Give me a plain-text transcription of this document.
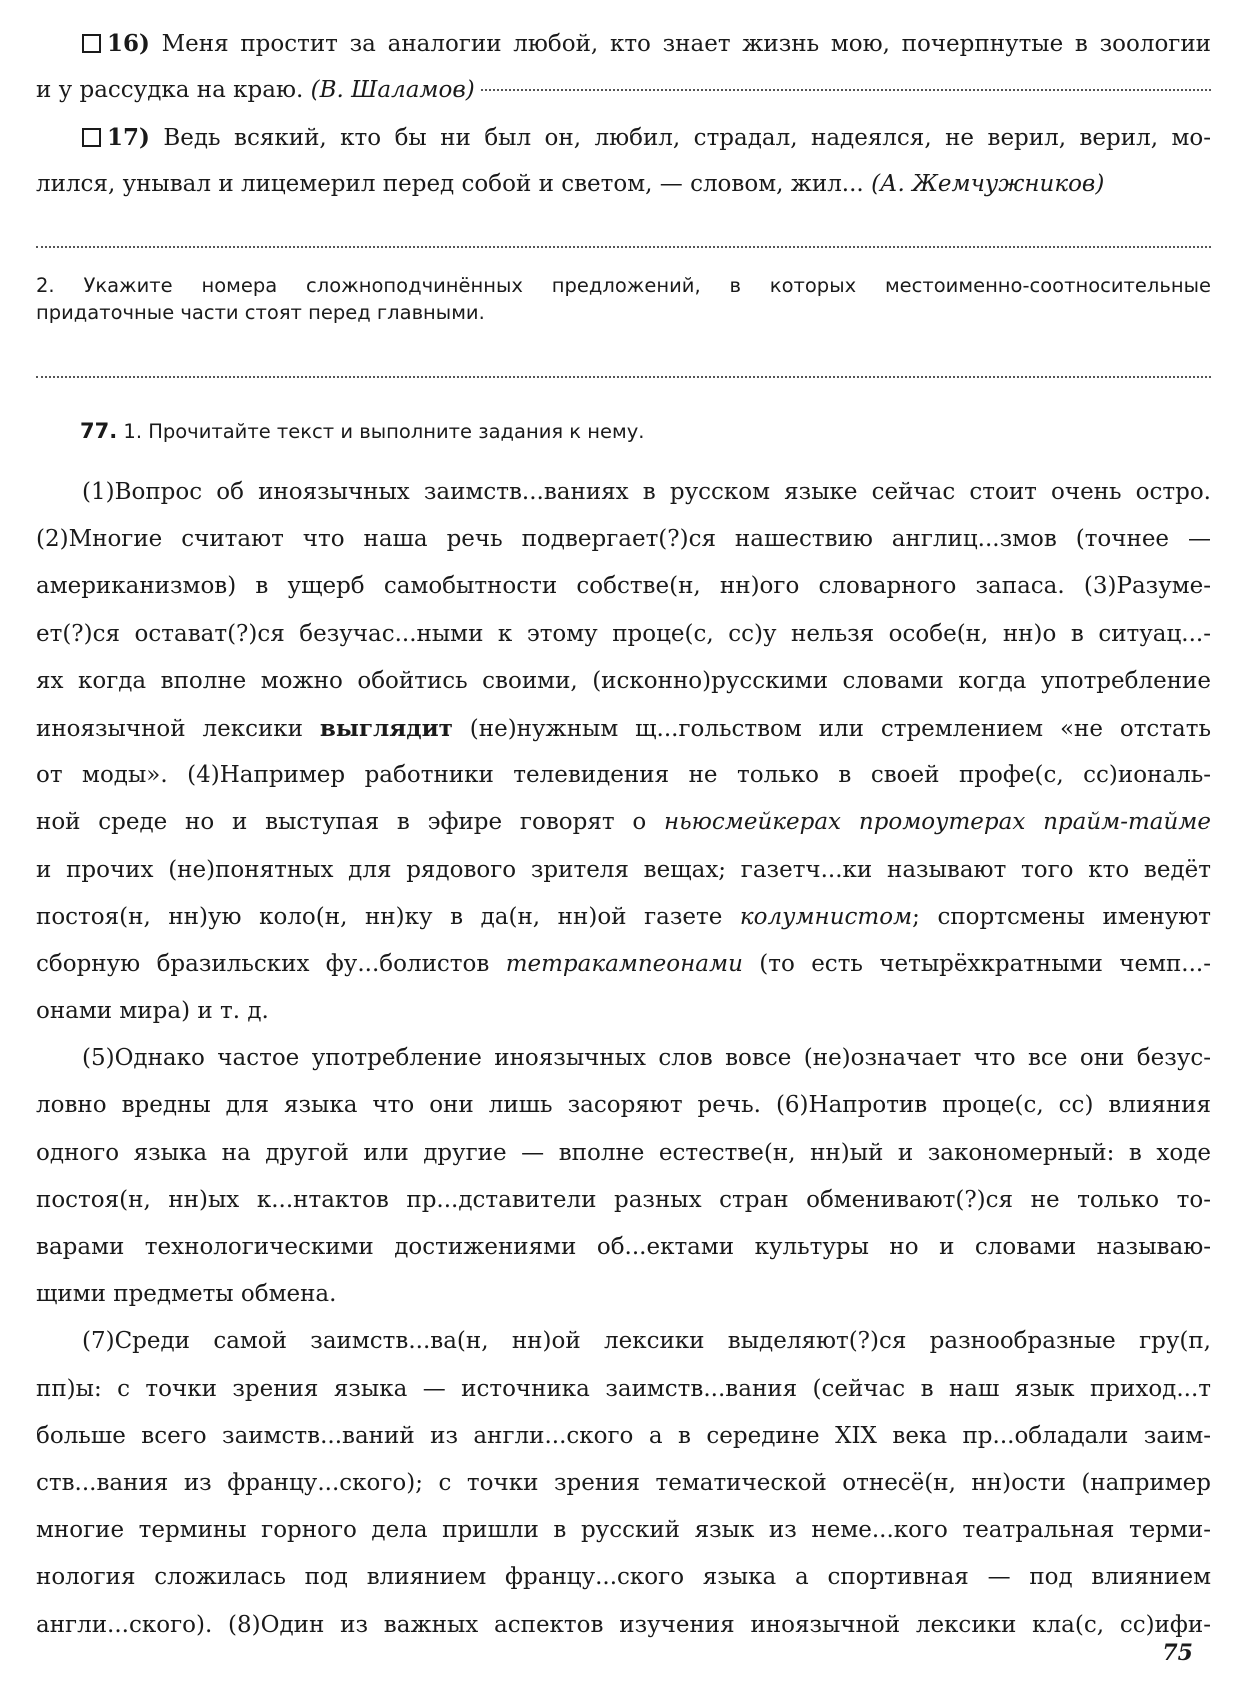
16) Меня простит за аналогии любой, кто знает жизнь мою, почерпнутые в зоологии
и у рассудка на краю.
(В. Шаламов)
17) Ведь всякий, кто бы ни был он, любил, страдал, надеялся, не верил, верил, мо-
лился, унывал и лицемерил перед собой и светом, — словом, жил... (А. Жемчужников)
2. Укажите номера сложноподчинённых предложений, в которых местоименно-соотносительные
придаточные части стоят перед главными.
77. 1. Прочитайте текст и выполните задания к нему.
(1)Вопрос об иноязычных заимств...ваниях в русском языке сейчас стоит очень остро.
(2)Многие считают что наша речь подвергает(?)ся нашествию англиц...змов (точнее —
американизмов) в ущерб самобытности собстве(н, нн)ого словарного запаса. (3)Разуме-
ет(?)ся остават(?)ся безучас...ными к этому проце(с, сс)у нельзя особе(н, нн)о в ситуац...-
ях когда вполне можно обойтись своими, (исконно)русскими словами когда употребление
иноязычной лексики выглядит (не)нужным щ...гольством или стремлением «не отстать
от моды». (4)Например работники телевидения не только в своей профе(с, сс)иональ-
ной среде но и выступая в эфире говорят о ньюсмейкерах промоутерах прайм-тайме
и прочих (не)понятных для рядового зрителя вещах; газетч...ки называют того кто ведёт
постоя(н, нн)ую коло(н, нн)ку в да(н, нн)ой газете колумнистом; спортсмены именуют
сборную бразильских фу...болистов тетракампеонами (то есть четырёхкратными чемп...-
онами мира) и т. д.
(5)Однако частое употребление иноязычных слов вовсе (не)означает что все они безус-
ловно вредны для языка что они лишь засоряют речь. (6)Напротив проце(с, сс) влияния
одного языка на другой или другие — вполне естестве(н, нн)ый и закономерный: в ходе
постоя(н, нн)ых к...нтактов пр...дставители разных стран обменивают(?)ся не только то-
варами технологическими достижениями об...ектами культуры но и словами называю-
щими предметы обмена.
(7)Среди самой заимств...ва(н, нн)ой лексики выделяют(?)ся разнообразные гру(п,
пп)ы: с точки зрения языка — источника заимств...вания (сейчас в наш язык приход...т
больше всего заимств...ваний из англи...ского а в середине XIX века пр...обладали заим-
ств...вания из францу...ского); с точки зрения тематической отнесё(н, нн)ости (например
многие термины горного дела пришли в русский язык из неме...кого театральная терми-
нология сложилась под влиянием францу...ского языка а спортивная — под влиянием
англи...ского). (8)Один из важных аспектов изучения иноязычной лексики кла(с, сс)ифи-
75
